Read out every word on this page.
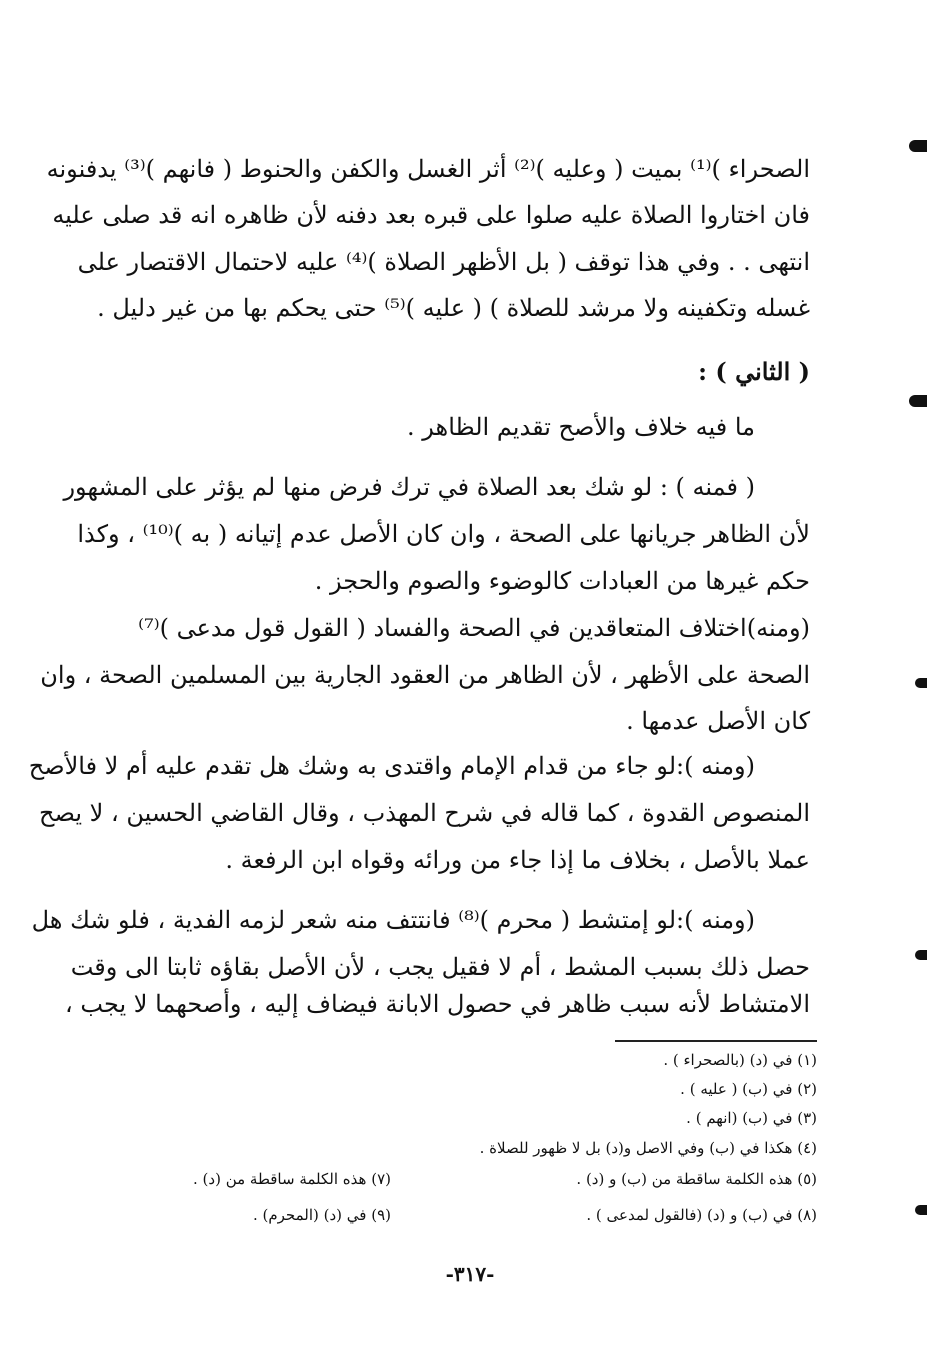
الصحراء )⁽¹⁾ بميت ( وعليه )⁽²⁾ أثر الغسل والكفن والحنوط ( فانهم )⁽³⁾ يدفنونه
فان اختاروا الصلاة عليه صلوا على قبره بعد دفنه لأن ظاهره انه قد صلى عليه
انتهى . . وفي هذا توقف ( بل الأظهر الصلاة )⁽⁴⁾ عليه لاحتمال الاقتصار على
غسله وتكفينه ولا مرشد للصلاة ) ( عليه )⁽⁵⁾ حتى يحكم بها من غير دليل .
( الثاني ) :
ما فيه خلاف والأصح تقديم الظاهر .
( فمنه ) : لو شك بعد الصلاة في ترك فرض منها لم يؤثر على المشهور
لأن الظاهر جريانها على الصحة ، وان كان الأصل عدم إتيانه ( به )⁽¹⁰⁾ ، وكذا
حكم غيرها من العبادات كالوضوء والصوم والحجز .
(ومنه)اختلاف المتعاقدين في الصحة والفساد ( القول قول مدعى )⁽⁷⁾
الصحة على الأظهر ، لأن الظاهر من العقود الجارية بين المسلمين الصحة ، وان
كان الأصل عدمها .
(ومنه ):لو جاء من قدام الإمام واقتدى به وشك هل تقدم عليه أم لا فالأصح
المنصوص القدوة ، كما قاله في شرح المهذب ، وقال القاضي الحسين ، لا يصح
عملا بالأصل ، بخلاف ما إذا جاء من ورائه وقواه ابن الرفعة .
(ومنه ):لو إمتشط ( محرم )⁽⁸⁾ فانتتف منه شعر لزمه الفدية ، فلو شك هل
حصل ذلك بسبب المشط ، أم لا فقيل يجب ، لأن الأصل بقاؤه ثابتا الى وقت
الامتشاط لأنه سبب ظاهر في حصول الابانة فيضاف إليه ، وأصحهما لا يجب ،
(١) في (د) (بالصحراء ) .
(٢) في (ب) ( عليه ) .
(٣) في (ب) (انهم ) .
(٤) هكذا في (ب) وفي الاصل و(د) بل لا ظهور للصلاة .
(٥) هذه الكلمة ساقطة من (ب) و (د) .
(٧) هذه الكلمة ساقطة من (د) .
(٨) في (ب) و (د) (فالقول لمدعى ) .
(٩) في (د) (المحرم) .
-٣١٧-
